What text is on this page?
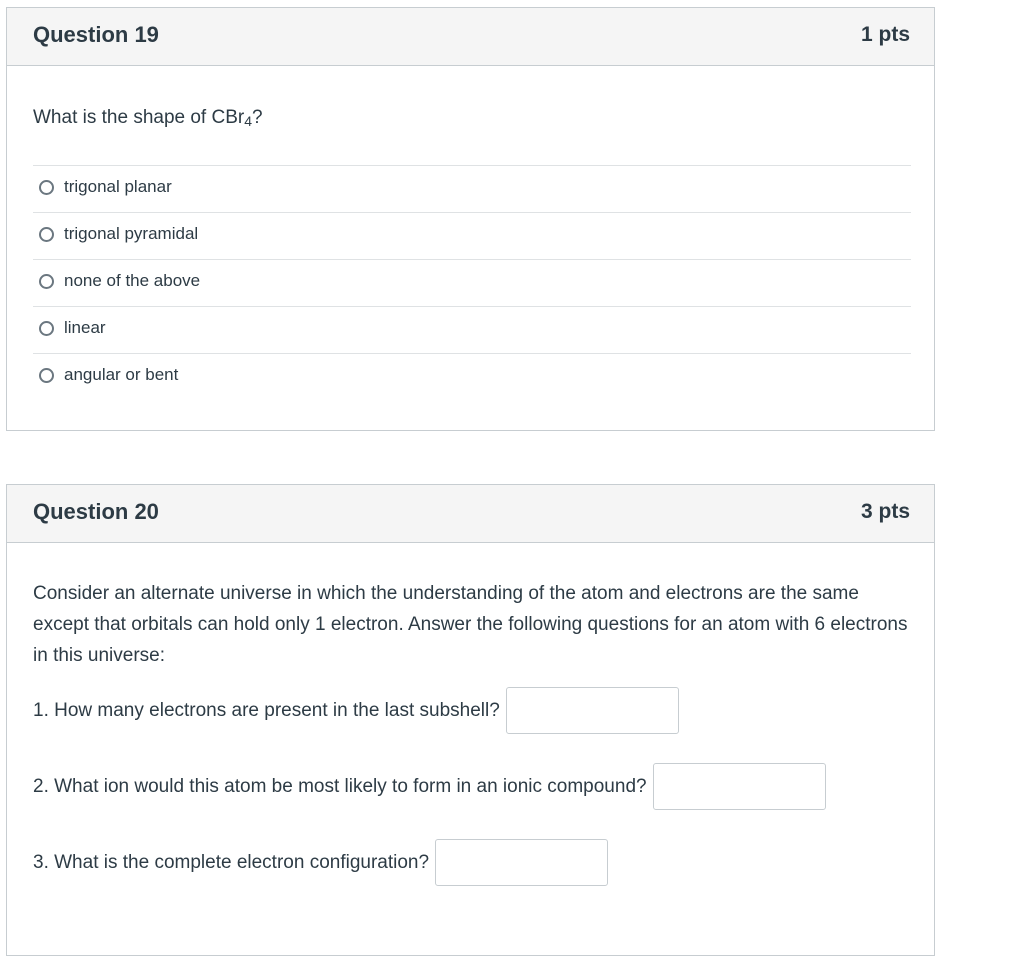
Question 19	1 pts
What is the shape of CBr$_4$?
trigonal planar
trigonal pyramidal
none of the above
linear
angular or bent
Question 20	3 pts
Consider an alternate universe in which the understanding of the atom and electrons are the same except that orbitals can hold only 1 electron. Answer the following questions for an atom with 6 electrons in this universe:
1. How many electrons are present in the last subshell?
2. What ion would this atom be most likely to form in an ionic compound?
3. What is the complete electron configuration?
